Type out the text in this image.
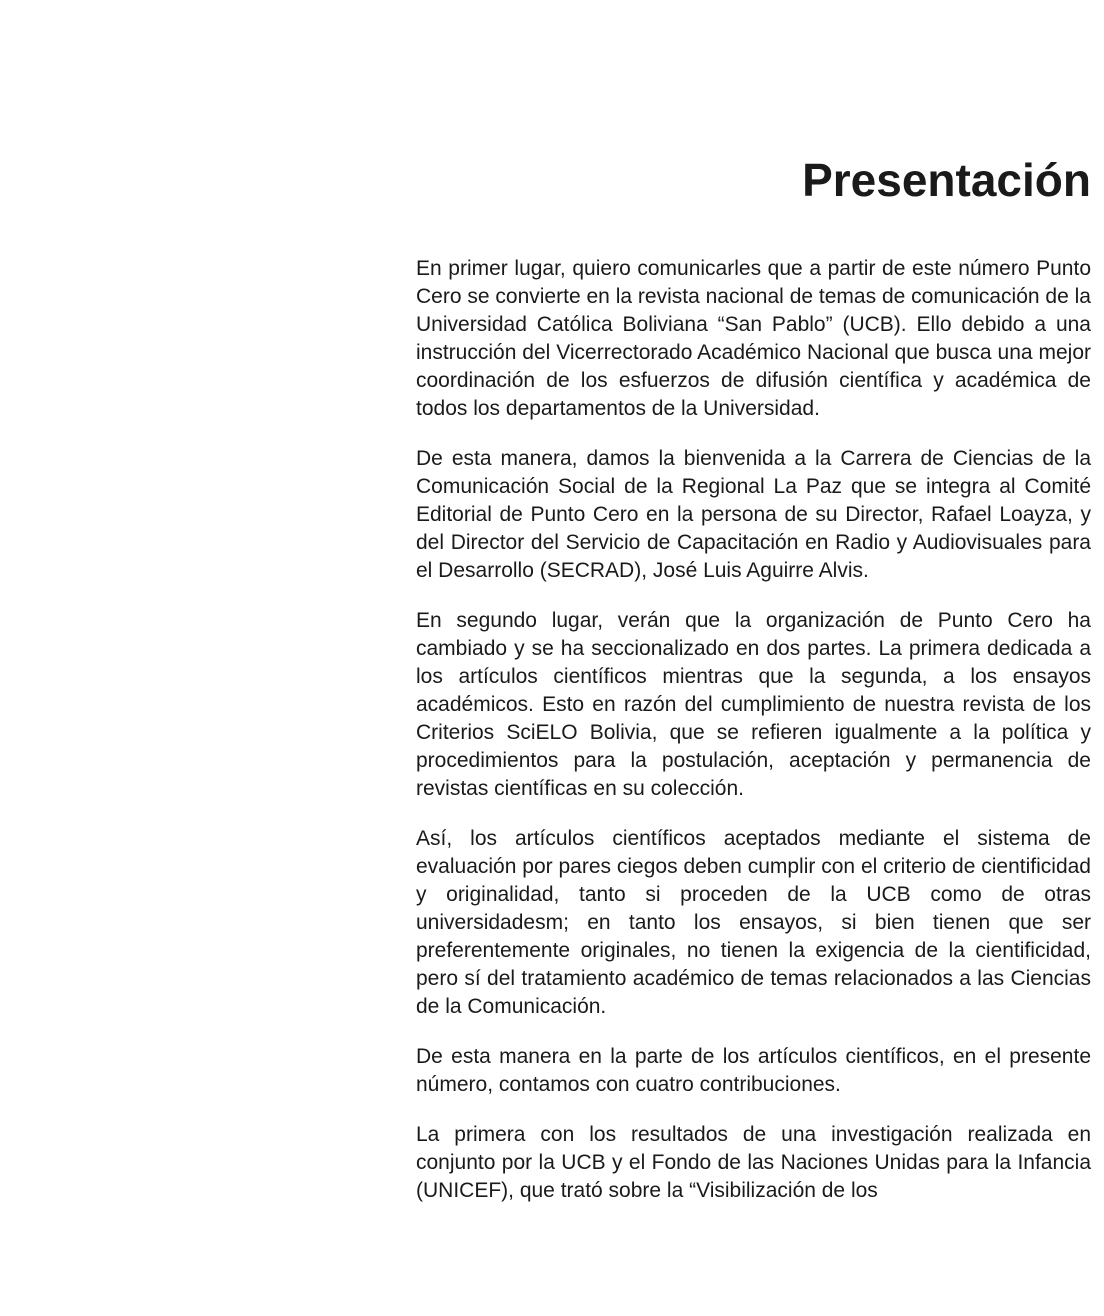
Presentación

En primer lugar, quiero comunicarles que a partir de este número Punto Cero se convierte en la revista nacional de temas de comunicación de la Universidad Católica Boliviana “San Pablo” (UCB). Ello debido a una instrucción del Vicerrectorado Académico Nacional que busca una mejor coordinación de los esfuerzos de difusión científica y académica de todos los departamentos de la Universidad.

De esta manera, damos la bienvenida a la Carrera de Ciencias de la Comunicación Social de la Regional La Paz que se integra al Comité Editorial de Punto Cero en la persona de su Director, Rafael Loayza, y del Director del Servicio de Capacitación en Radio y Audiovisuales para el Desarrollo (SECRAD), José Luis Aguirre Alvis.

En segundo lugar, verán que la organización de Punto Cero ha cambiado y se ha seccionalizado en dos partes. La primera dedicada a los artículos científicos mientras que la segunda, a los ensayos académicos. Esto en razón del cumplimiento de nuestra revista de los Criterios SciELO Bolivia, que se refieren igualmente a la política y procedimientos para la postulación, aceptación y permanencia de revistas científicas en su colección.

Así, los artículos científicos aceptados mediante el sistema de evaluación por pares ciegos deben cumplir con el criterio de cientificidad y originalidad, tanto si proceden de la UCB como de otras universidadesm; en tanto los ensayos, si bien tienen que ser preferentemente originales, no tienen la exigencia de la cientificidad, pero sí del tratamiento académico de temas relacionados a las Ciencias de la Comunicación.

De esta manera en la parte de los artículos científicos, en el presente número, contamos con cuatro contribuciones.

La primera con los resultados de una investigación realizada en conjunto por la UCB y el Fondo de las Naciones Unidas para la Infancia (UNICEF), que trató sobre la “Visibilización de los
